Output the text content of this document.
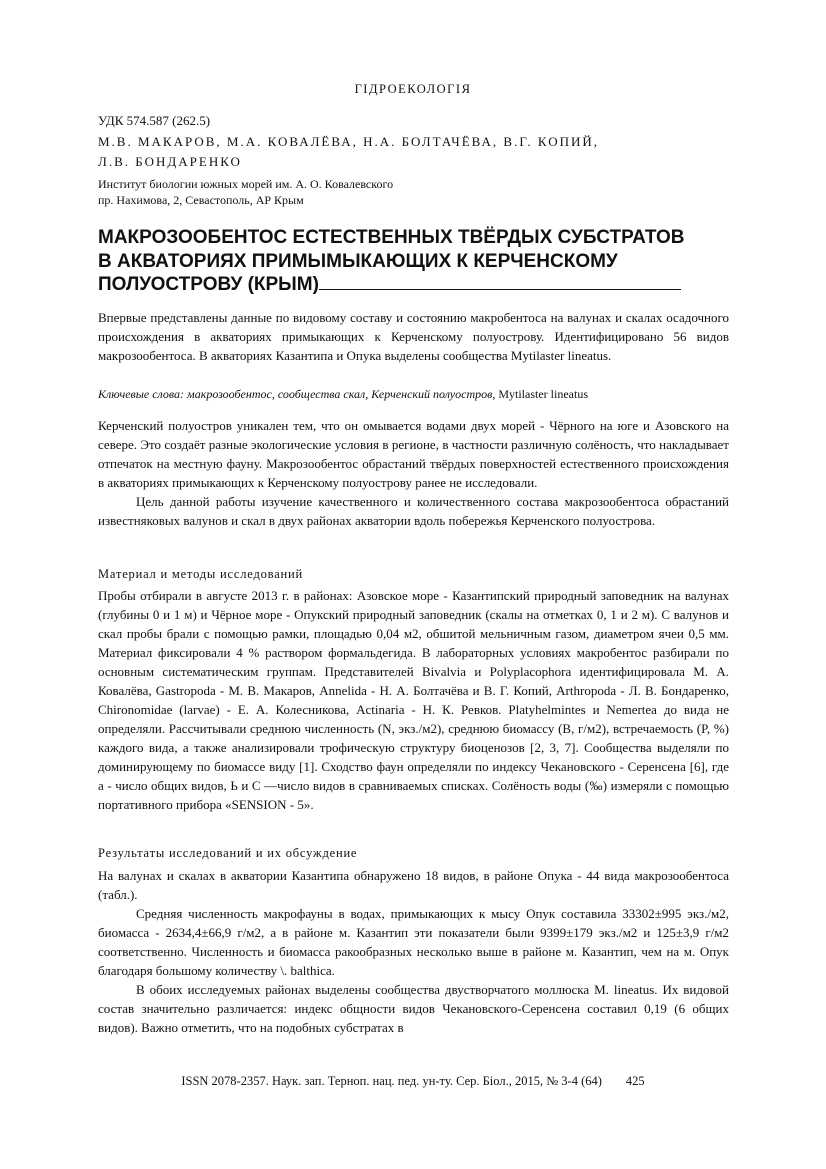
ГІДРОЕКОЛОГІЯ
УДК 574.587 (262.5)
М.В. МАКАРОВ, М.А. КОВАЛЁВА, Н.А. БОЛТАЧЁВА, В.Г. КОПИЙ,
Л.В. БОНДАРЕНКО
Институт биологии южных морей им. А. О. Ковалевского
пр. Нахимова, 2, Севастополь, АР Крым
МАКРОЗООБЕНТОС ЕСТЕСТВЕННЫХ ТВЁРДЫХ СУБСТРАТОВ
В АКВАТОРИЯХ ПРИМЫМЫКАЮЩИХ К КЕРЧЕНСКОМУ
ПОЛУОСТРОВУ (КРЫМ)

Впервые представлены данные по видовому составу и состоянию макробентоса на валунах и скалах осадочного происхождения в акваториях примыкающих к Керченскому полуострову. Идентифицировано 56 видов макрозообентоса. В акваториях Казантипа и Опука выделены сообщества Mytilaster lineatus.

Ключевые слова: макрозообентос, сообщества скал, Керченский полуостров, Mytilaster lineatus

Керченский полуостров уникален тем, что он омывается водами двух морей - Чёрного на юге и Азовского на севере. Это создаёт разные экологические условия в регионе, в частности различную солёность, что накладывает отпечаток на местную фауну. Макрозообентос обрастаний твёрдых поверхностей естественного происхождения в акваториях примыкающих к Керченскому полуострову ранее не исследовали.

Цель данной работы изучение качественного и количественного состава макрозообентоса обрастаний известняковых валунов и скал в двух районах акватории вдоль побережья Керченского полуострова.

Материал и методы исследований

Пробы отбирали в августе 2013 г. в районах: Азовское море - Казантипский природный заповедник на валунах (глубины 0 и 1 м) и Чёрное море - Опукский природный заповедник (скалы на отметках 0, 1 и 2 м). С валунов и скал пробы брали с помощью рамки, площадью 0,04 м2, обшитой мельничным газом, диаметром ячеи 0,5 мм. Материал фиксировали 4 % раствором формальдегида. В лабораторных условиях макробентос разбирали по основным систематическим группам. Представителей Bivalvia и Polyplacophora идентифицировала М. А. Ковалёва, Gastropoda - М. В. Макаров, Annelida - Н. А. Болтачёва и В. Г. Копий, Arthropoda - Л. В. Бондаренко, Chironomidae (larvae) - Е. А. Колесникова, Actinaria - Н. К. Ревков. Platyhelmintes и Nemertea до вида не определяли. Рассчитывали среднюю численность (N, экз./м2), среднюю биомассу (B, г/м2), встречаемость (P, %) каждого вида, а также анализировали трофическую структуру биоценозов [2, 3, 7]. Сообщества выделяли по доминирующему по биомассе виду [1]. Сходство фаун определяли по индексу Чекановского - Серенсена [6], где а - число общих видов, Ь и С —число видов в сравниваемых списках. Солёность воды (‰) измеряли с помощью портативного прибора «SENSION - 5».

Результаты исследований и их обсуждение

На валунах и скалах в акватории Казантипа обнаружено 18 видов, в районе Опука - 44 вида макрозообентоса (табл.).

Средняя численность макрофауны в водах, примыкающих к мысу Опук составила 33302±995 экз./м2, биомасса - 2634,4±66,9 г/м2, а в районе м. Казантип эти показатели были 9399±179 экз./м2 и 125±3,9 г/м2 соответственно. Численность и биомасса ракообразных несколько выше в районе м. Казантип, чем на м. Опук благодаря большому количеству \. balthica.

В обоих исследуемых районах выделены сообщества двустворчатого моллюска M. lineatus. Их видовой состав значительно различается: индекс общности видов Чекановского-Серенсена составил 0,19 (6 общих видов). Важно отметить, что на подобных субстратах в

ISSN 2078-2357. Наук. зап. Терноп. нац. пед. ун-ту. Сер. Біол., 2015, № 3-4 (64) 425
